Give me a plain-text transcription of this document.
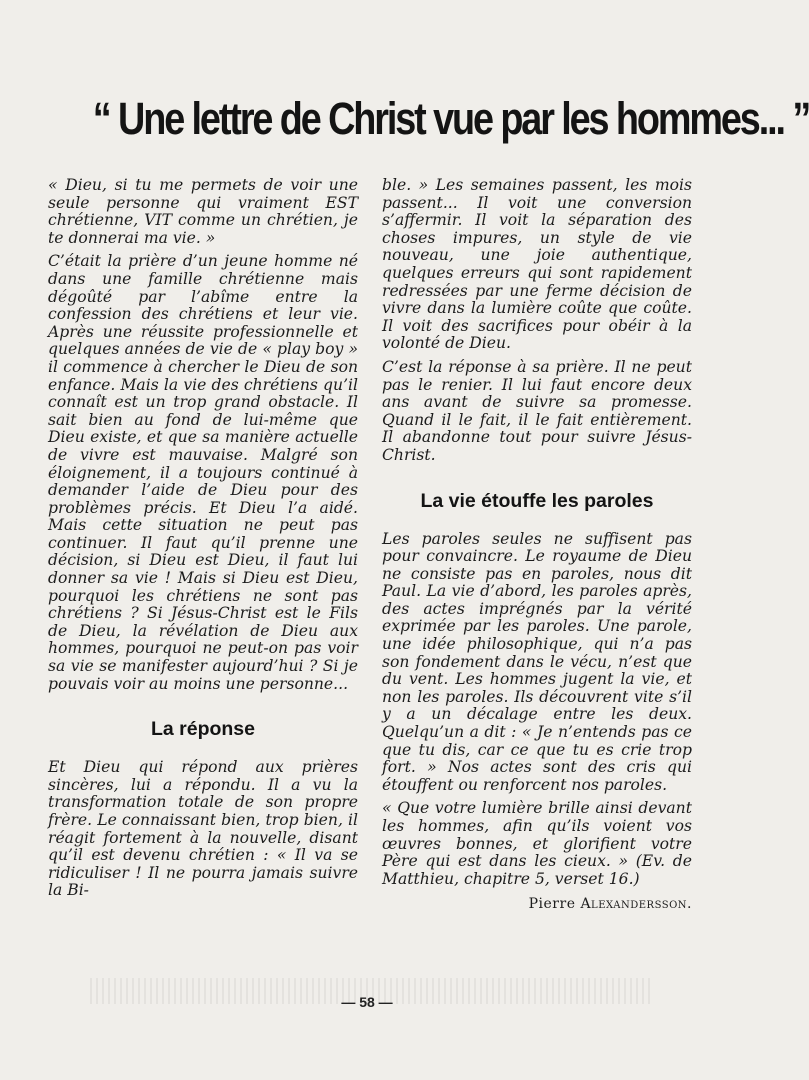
“ Une lettre de Christ vue par les hommes... ”

« Dieu, si tu me permets de voir une seule personne qui vraiment EST chrétienne, VIT comme un chrétien, je te donnerai ma vie. »

C’était la prière d’un jeune homme né dans une famille chrétienne mais dégoûté par l’abîme entre la confession des chrétiens et leur vie. Après une réussite professionnelle et quelques années de vie de « play boy » il commence à chercher le Dieu de son enfance. Mais la vie des chrétiens qu’il connaît est un trop grand obstacle. Il sait bien au fond de lui-même que Dieu existe, et que sa manière actuelle de vivre est mauvaise. Malgré son éloignement, il a toujours continué à demander l’aide de Dieu pour des problèmes précis. Et Dieu l’a aidé. Mais cette situation ne peut pas continuer. Il faut qu’il prenne une décision, si Dieu est Dieu, il faut lui donner sa vie ! Mais si Dieu est Dieu, pourquoi les chrétiens ne sont pas chrétiens ? Si Jésus-Christ est le Fils de Dieu, la révélation de Dieu aux hommes, pourquoi ne peut-on pas voir sa vie se manifester aujourd’hui ? Si je pouvais voir au moins une personne...

La réponse

Et Dieu qui répond aux prières sincères, lui a répondu. Il a vu la transformation totale de son propre frère. Le connaissant bien, trop bien, il réagit fortement à la nouvelle, disant qu’il est devenu chrétien : « Il va se ridiculiser ! Il ne pourra jamais suivre la Bi-

ble. » Les semaines passent, les mois passent... Il voit une conversion s’affermir. Il voit la séparation des choses impures, un style de vie nouveau, une joie authentique, quelques erreurs qui sont rapidement redressées par une ferme décision de vivre dans la lumière coûte que coûte. Il voit des sacrifices pour obéir à la volonté de Dieu.

C’est la réponse à sa prière. Il ne peut pas le renier. Il lui faut encore deux ans avant de suivre sa promesse. Quand il le fait, il le fait entièrement. Il abandonne tout pour suivre Jésus-Christ.

La vie étouffe les paroles

Les paroles seules ne suffisent pas pour convaincre. Le royaume de Dieu ne consiste pas en paroles, nous dit Paul. La vie d’abord, les paroles après, des actes imprégnés par la vérité exprimée par les paroles. Une parole, une idée philosophique, qui n’a pas son fondement dans le vécu, n’est que du vent. Les hommes jugent la vie, et non les paroles. Ils découvrent vite s’il y a un décalage entre les deux. Quelqu’un a dit : « Je n’entends pas ce que tu dis, car ce que tu es crie trop fort. » Nos actes sont des cris qui étouffent ou renforcent nos paroles.

« Que votre lumière brille ainsi devant les hommes, afin qu’ils voient vos œuvres bonnes, et glorifient votre Père qui est dans les cieux. » (Ev. de Matthieu, chapitre 5, verset 16.)

Pierre Alexandersson.
— 58 —
